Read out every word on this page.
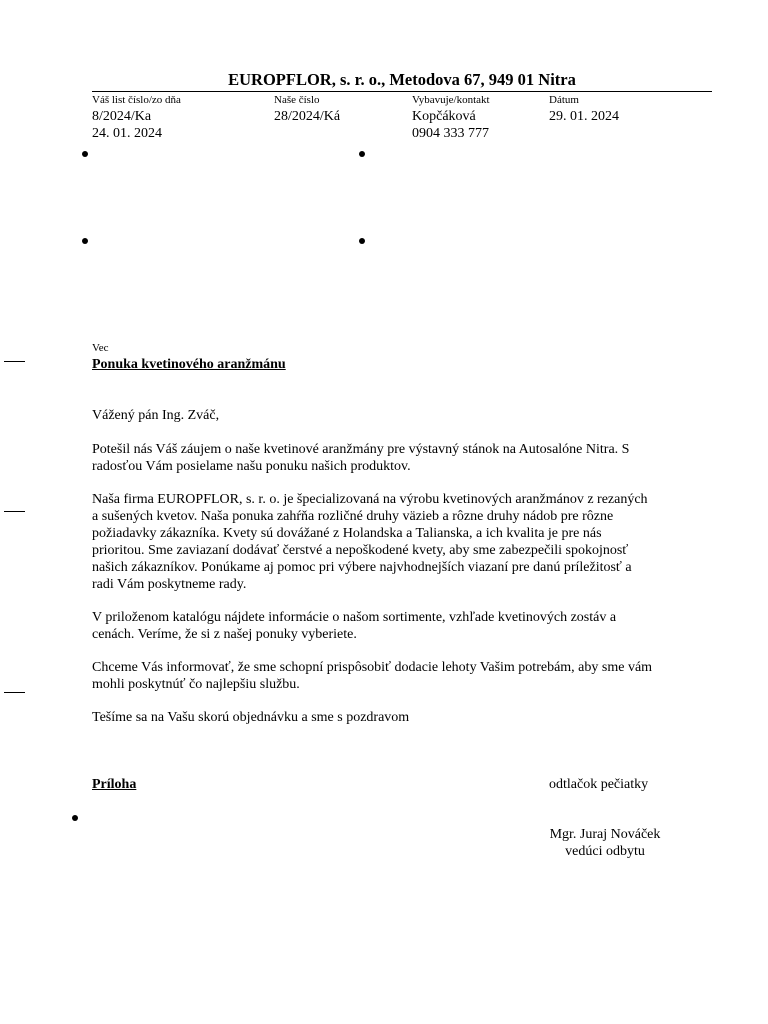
EUROPFLOR, s. r. o., Metodova 67, 949 01 Nitra
Váš list číslo/zo dňa
8/2024/Ka
24. 01. 2024
Naše číslo
28/2024/Ká
Vybavuje/kontakt
Kopčáková
0904 333 777
Dátum
29. 01. 2024
Vec
Ponuka kvetinového aranžmánu
Vážený pán Ing. Zváč,
Potešil nás Váš záujem o naše kvetinové aranžmány pre výstavný stánok na Autosalóne Nitra. S
radosťou Vám posielame našu ponuku našich produktov.
Naša firma EUROPFLOR, s. r. o. je špecializovaná na výrobu kvetinových aranžmánov z rezaných
a sušených kvetov. Naša ponuka zahŕňa rozličné druhy väzieb a rôzne druhy nádob pre rôzne
požiadavky zákazníka. Kvety sú dovážané z Holandska a Talianska, a ich kvalita je pre nás
prioritou. Sme zaviazaní dodávať čerstvé a nepoškodené kvety, aby sme zabezpečili spokojnosť
našich zákazníkov. Ponúkame aj pomoc pri výbere najvhodnejších viazaní pre danú príležitosť a
radi Vám poskytneme rady.
V priloženom katalógu nájdete informácie o našom sortimente, vzhľade kvetinových zostáv a
cenách. Veríme, že si z našej ponuky vyberiete.
Chceme Vás informovať, že sme schopní prispôsobiť dodacie lehoty Vašim potrebám, aby sme vám
mohli poskytnúť čo najlepšiu službu.
Tešíme sa na Vašu skorú objednávku a sme s pozdravom
Príloha	odtlačok pečiatky
Mgr. Juraj Nováček
vedúci odbytu
